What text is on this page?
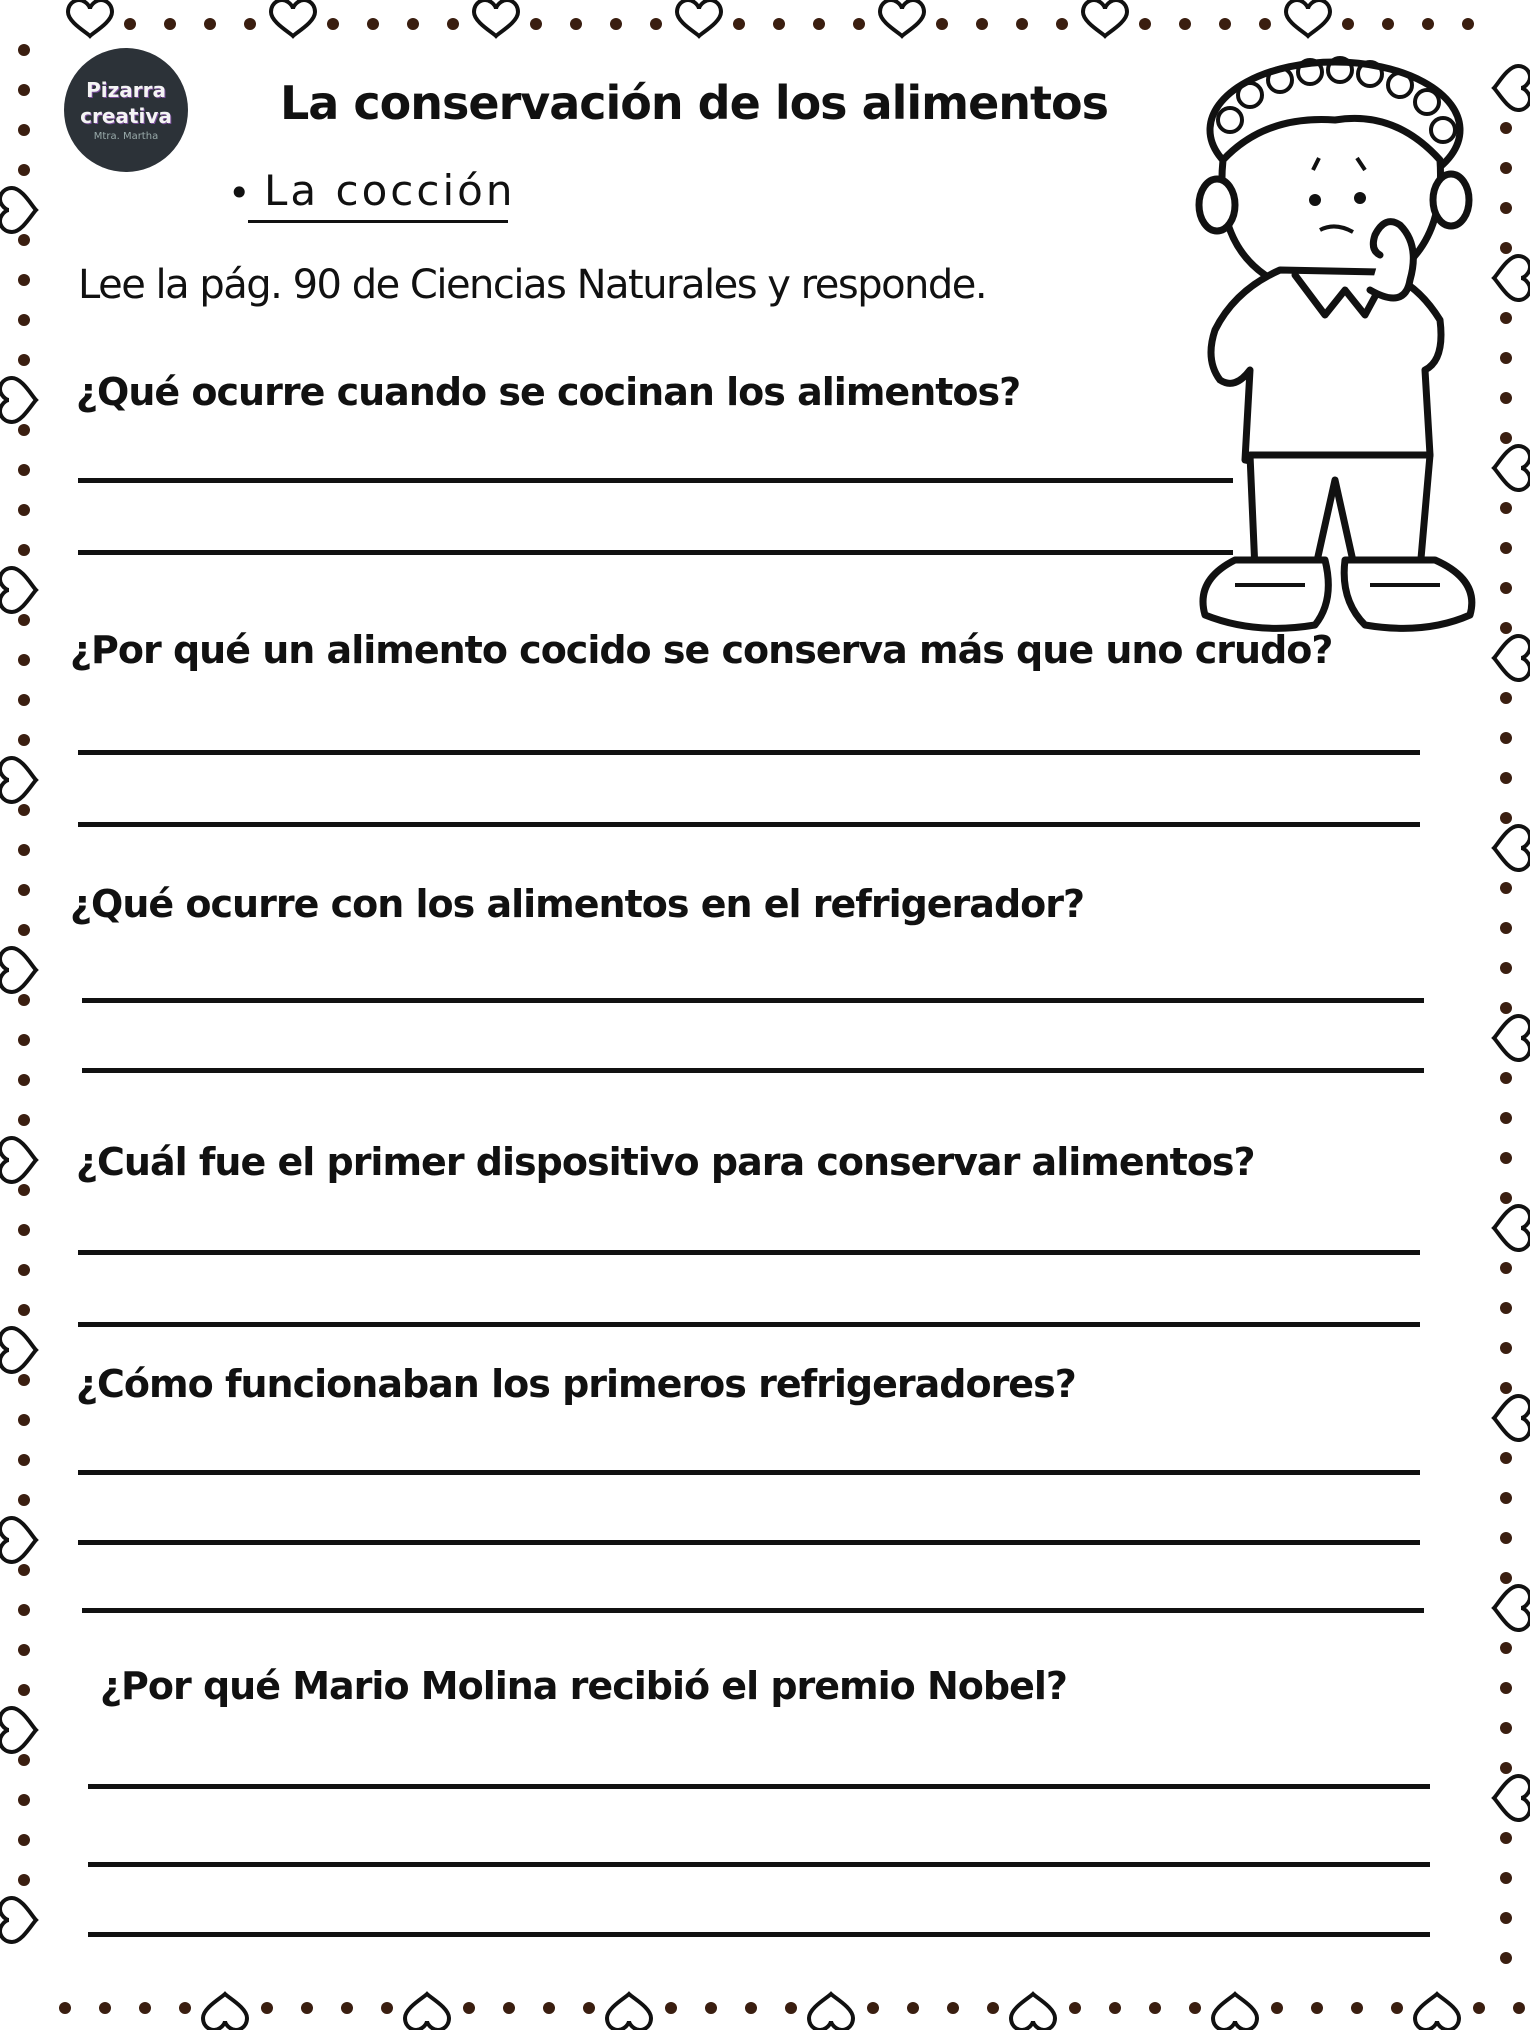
Pizarra
creativa
Mtra. Martha
La conservación de los alimentos
• La cocción
Lee la pág. 90 de Ciencias Naturales y responde.
¿Qué ocurre cuando se cocinan los alimentos?
¿Por qué un alimento cocido se conserva más que uno crudo?
¿Qué ocurre con los alimentos en el refrigerador?
¿Cuál fue el primer dispositivo para conservar alimentos?
¿Cómo funcionaban los primeros refrigeradores?
¿Por qué Mario Molina recibió el premio Nobel?
